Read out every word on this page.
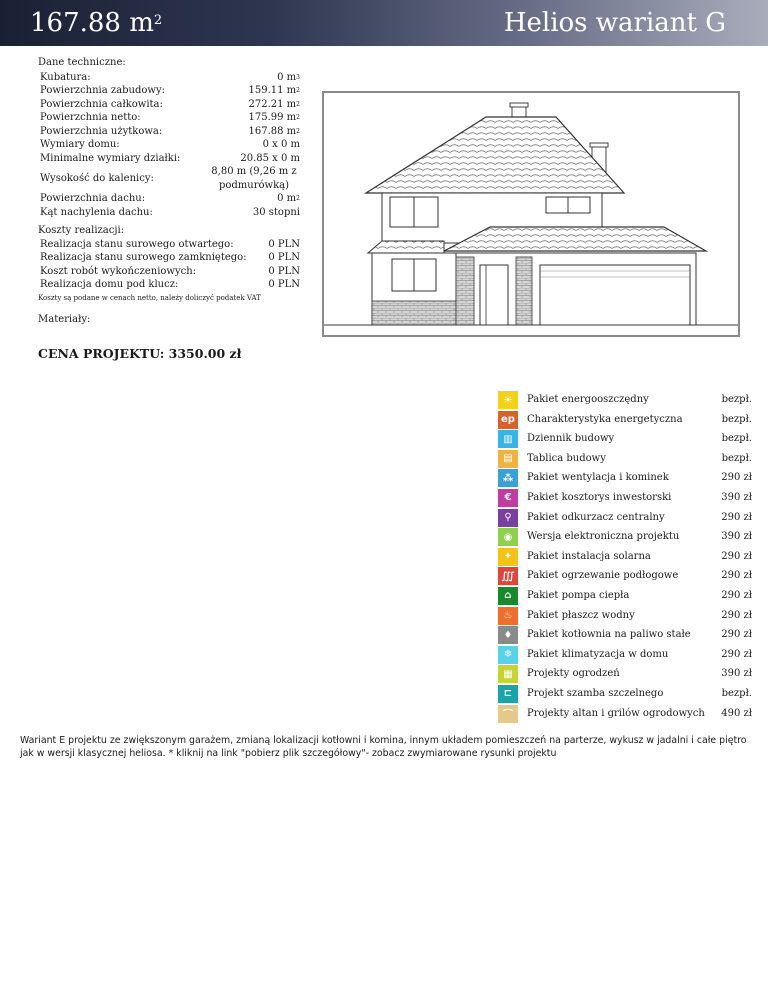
167.88 $m^2$	Helios wariant G
Dane techniczne:
Kubatura:	0 $m^3$
Powierzchnia zabudowy:	159.11 $m^2$
Powierzchnia całkowita:	272.21 $m^2$
Powierzchnia netto:	175.99 $m^2$
Powierzchnia użytkowa:	167.88 $m^2$
Wymiary domu:	0 x 0 m
Minimalne wymiary działki:	20.85 x 0 m
Wysokość do kalenicy:	8,80 m (9,26 m z podmurówką)
Powierzchnia dachu:	0 $m^2$
Kąt nachylenia dachu:	30 stopni
Koszty realizacji:
Realizacja stanu surowego otwartego:	0 PLN
Realizacja stanu surowego zamkniętego:	0 PLN
Koszt robót wykończeniowych:	0 PLN
Realizacja domu pod klucz:	0 PLN
Koszty są podane w cenach netto, należy doliczyć podatek VAT
Materiały:
CENA PROJEKTU: 3350.00 zł
☀	Pakiet energooszczędny	bezpł.
ep	Charakterystyka energetyczna	bezpł.
▥	Dziennik budowy	bezpł.
▤	Tablica budowy	bezpł.
⁂	Pakiet wentylacja i kominek	290 zł
€	Pakiet kosztorys inwestorski	390 zł
⚲	Pakiet odkurzacz centralny	290 zł
◉	Wersja elektroniczna projektu	390 zł
✦	Pakiet instalacja solarna	290 zł
∭	Pakiet ogrzewanie podłogowe	290 zł
⌂	Pakiet pompa ciepła	290 zł
♨	Pakiet płaszcz wodny	290 zł
♦	Pakiet kotłownia na paliwo stałe	290 zł
❄	Pakiet klimatyzacja w domu	290 zł
▦	Projekty ogrodzeń	390 zł
⊏	Projekt szamba szczelnego	bezpł.
⌒	Projekty altan i grilów ogrodowych 490 zł
Wariant E projektu ze zwiększonym garażem, zmianą lokalizacji kotłowni i komina, innym układem pomieszczeń na parterze, wykusz w jadalni i całe piętro jak w wersji klasycznej heliosa. * kliknij na link "pobierz plik szczegółowy"- zobacz zwymiarowane rysunki projektu
